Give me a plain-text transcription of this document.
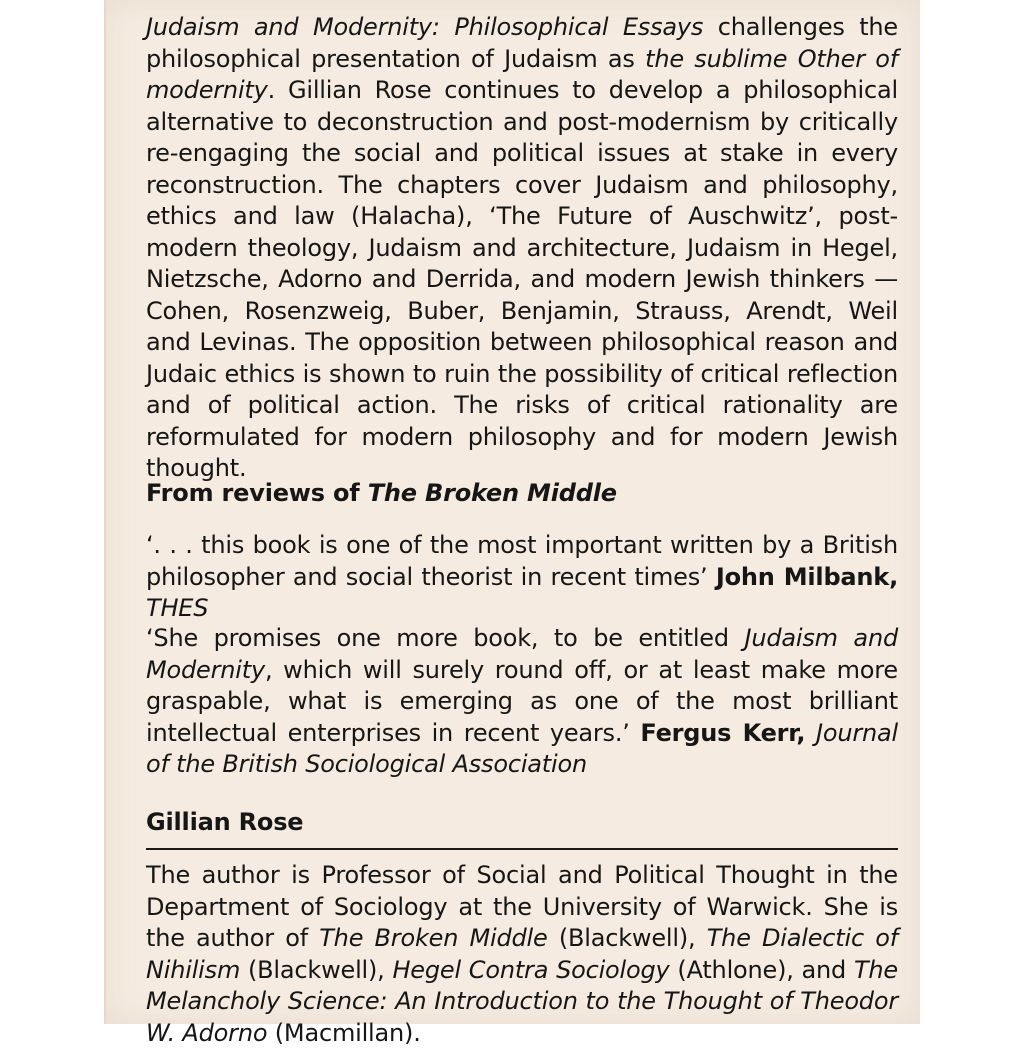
Judaism and Modernity: Philosophical Essays challenges the philosophical presentation of Judaism as the sublime Other of modernity. Gillian Rose continues to develop a philosophical alternative to deconstruction and post-modernism by critically re-engaging the social and political issues at stake in every reconstruction. The chapters cover Judaism and philosophy, ethics and law (Halacha), ‘The Future of Auschwitz’, post-modern theology, Judaism and architecture, Judaism in Hegel, Nietzsche, Adorno and Derrida, and modern Jewish thinkers — Cohen, Rosenzweig, Buber, Benjamin, Strauss, Arendt, Weil and Levinas. The opposition between philosophical reason and Judaic ethics is shown to ruin the possibility of critical reflection and of political action. The risks of critical rationality are reformulated for modern philosophy and for modern Jewish thought.

From reviews of The Broken Middle

‘. . . this book is one of the most important written by a British philosopher and social theorist in recent times’ John Milbank, THES

‘She promises one more book, to be entitled Judaism and Modernity, which will surely round off, or at least make more graspable, what is emerging as one of the most brilliant intellectual enterprises in recent years.’ Fergus Kerr, Journal of the British Sociological Association

Gillian Rose

The author is Professor of Social and Political Thought in the Department of Sociology at the University of Warwick. She is the author of The Broken Middle (Blackwell), The Dialectic of Nihilism (Blackwell), Hegel Contra Sociology (Athlone), and The Melancholy Science: An Introduction to the Thought of Theodor W. Adorno (Macmillan).
